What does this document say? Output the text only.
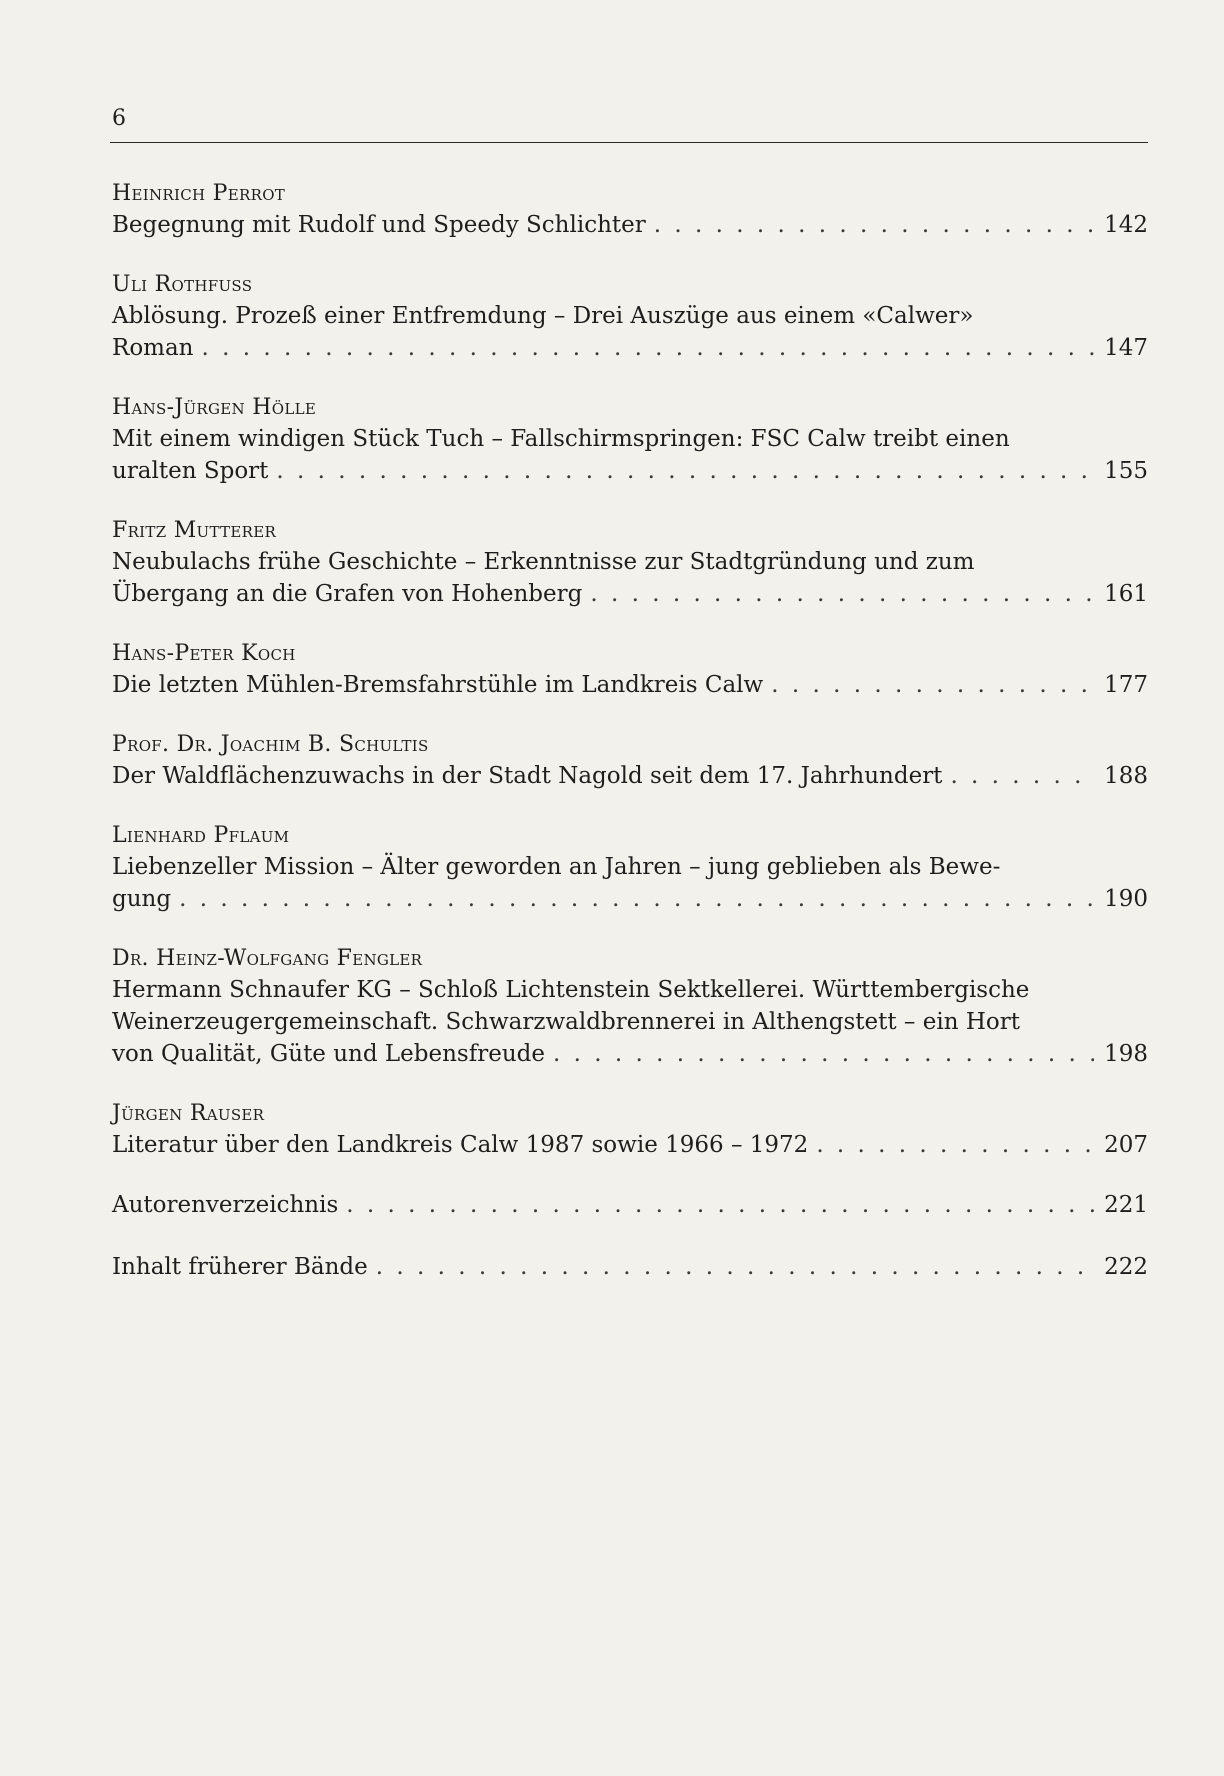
6
Heinrich Perrot
Begegnung mit Rudolf und Speedy Schlichter . . .	142
Uli Rothfuss
Ablösung. Prozeß einer Entfremdung – Drei Auszüge aus einem «Calwer»
Roman . . .	147
Hans-Jürgen Hölle
Mit einem windigen Stück Tuch – Fallschirmspringen: FSC Calw treibt einen
uralten Sport . . .	155
Fritz Mutterer
Neubulachs frühe Geschichte – Erkenntnisse zur Stadtgründung und zum
Übergang an die Grafen von Hohenberg . . .	161
Hans-Peter Koch
Die letzten Mühlen-Bremsfahrstühle im Landkreis Calw . . .	177
Prof. Dr. Joachim B. Schultis
Der Waldflächenzuwachs in der Stadt Nagold seit dem 17. Jahrhundert . . .	188
Lienhard Pflaum
Liebenzeller Mission – Älter geworden an Jahren – jung geblieben als Bewe-
gung . . .	190
Dr. Heinz-Wolfgang Fengler
Hermann Schnaufer KG – Schloß Lichtenstein Sektkellerei. Württembergische
Weinerzeugergemeinschaft. Schwarzwaldbrennerei in Althengstett – ein Hort
von Qualität, Güte und Lebensfreude . . .	198
Jürgen Rauser
Literatur über den Landkreis Calw 1987 sowie 1966 – 1972 . . .	207
Autorenverzeichnis . . .	221
Inhalt früherer Bände . . .	222
